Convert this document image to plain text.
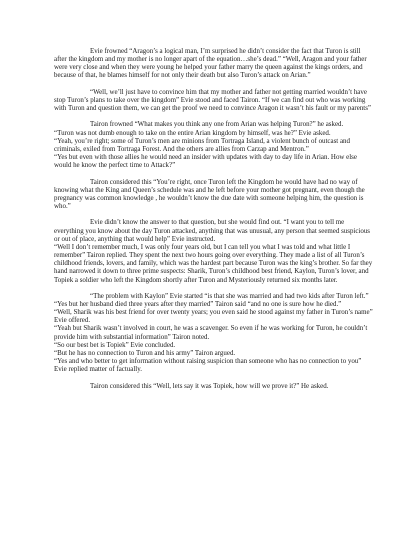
Evie frowned “Aragon’s a logical man, I’m surprised he didn’t consider the fact that Turon is still after the kingdom and my mother is no longer apart of the equation…she’s dead.” “Well, Aragon and your father were very close and when they were young he helped your father marry the queen against the kings orders, and because of that, he blames himself for not only their death but also Turon’s attack on Arian.”

“Well, we’ll just have to convince him that my mother and father not getting married wouldn’t have stop Turon’s plans to take over the kingdom” Evie stood and faced Tairon. “If we can find out who was working with Turon and question them, we can get the proof we need to convince Aragon it wasn’t his fault or my parents”

Tairon frowned “What makes you think any one from Arian was helping Turon?” he asked.

“Turon was not dumb enough to take on the entire Arian kingdom by himself, was he?” Evie asked.

“Yeah, you’re right; some of Turon’s men are minions from Tortraga Island, a violent bunch of outcast and criminals, exiled from Tortraga Forest. And the others are allies from Carzap and Mentron.”

“Yes but even with those allies he would need an insider with updates with day to day life in Arian. How else would he know the perfect time to Attack?”

Tairon considered this “You’re right, once Turon left the Kingdom he would have had no way of knowing what the King and Queen’s schedule was and he left before your mother got pregnant, even though the pregnancy was common knowledge , he wouldn’t know the due date with someone helping him, the question is who.”

Evie didn’t know the answer to that question, but she would find out. “I want you to tell me everything you know about the day Turon attacked, anything that was unusual, any person that seemed suspicious or out of place, anything that would help” Evie instructed.

“Well I don’t remember much, I was only four years old, but I can tell you what I was told and what little I remember” Tairon replied. They spent the next two hours going over everything. They made a list of all Turon’s childhood friends, lovers, and family, which was the hardest part because Turon was the king’s brother. So far they hand narrowed it down to three prime suspects: Sharik, Turon’s childhood best friend, Kaylon, Turon’s lover, and Topiek a soldier who left the Kingdom shortly after Turon and Mysteriously returned six months later.

“The problem with Kaylon” Evie started “is that she was married and had two kids after Turon left.”

“Yes but her husband died three years after they married” Tairon said “and no one is sure how he died.”

“Well, Sharik was his best friend for over twenty years; you even said he stood against my father in Turon’s name” Evie offered.

“Yeah but Sharik wasn’t involved in court, he was a scavenger. So even if he was working for Turon, he couldn’t provide him with substantial information” Tairon noted.

“So our best bet is Topiek” Evie concluded.

“But he has no connection to Turon and his army” Tairon argued.

“Yes and who better to get information without raising suspicion than someone who has no connection to you” Evie replied matter of factually.

Tairon considered this “Well, lets say it was Topiek, how will we prove it?” He asked.
